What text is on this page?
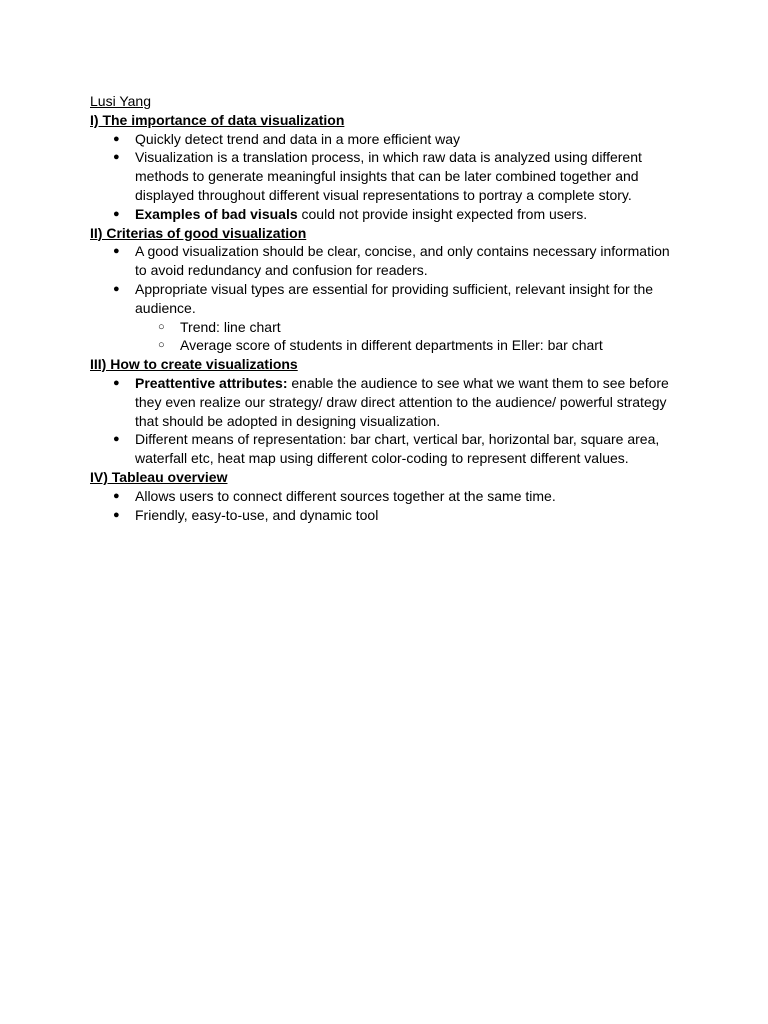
Lusi Yang
I) The importance of data visualization
● Quickly detect trend and data in a more efficient way
● Visualization is a translation process, in which raw data is analyzed using different methods to generate meaningful insights that can be later combined together and displayed throughout different visual representations to portray a complete story.
● Examples of bad visuals could not provide insight expected from users.
II) Criterias of good visualization
● A good visualization should be clear, concise, and only contains necessary information to avoid redundancy and confusion for readers.
● Appropriate visual types are essential for providing sufficient, relevant insight for the audience.
○ Trend: line chart
○ Average score of students in different departments in Eller: bar chart
III) How to create visualizations
● Preattentive attributes: enable the audience to see what we want them to see before they even realize our strategy/ draw direct attention to the audience/ powerful strategy that should be adopted in designing visualization.
● Different means of representation: bar chart, vertical bar, horizontal bar, square area, waterfall etc, heat map using different color-coding to represent different values.
IV) Tableau overview
● Allows users to connect different sources together at the same time.
● Friendly, easy-to-use, and dynamic tool
